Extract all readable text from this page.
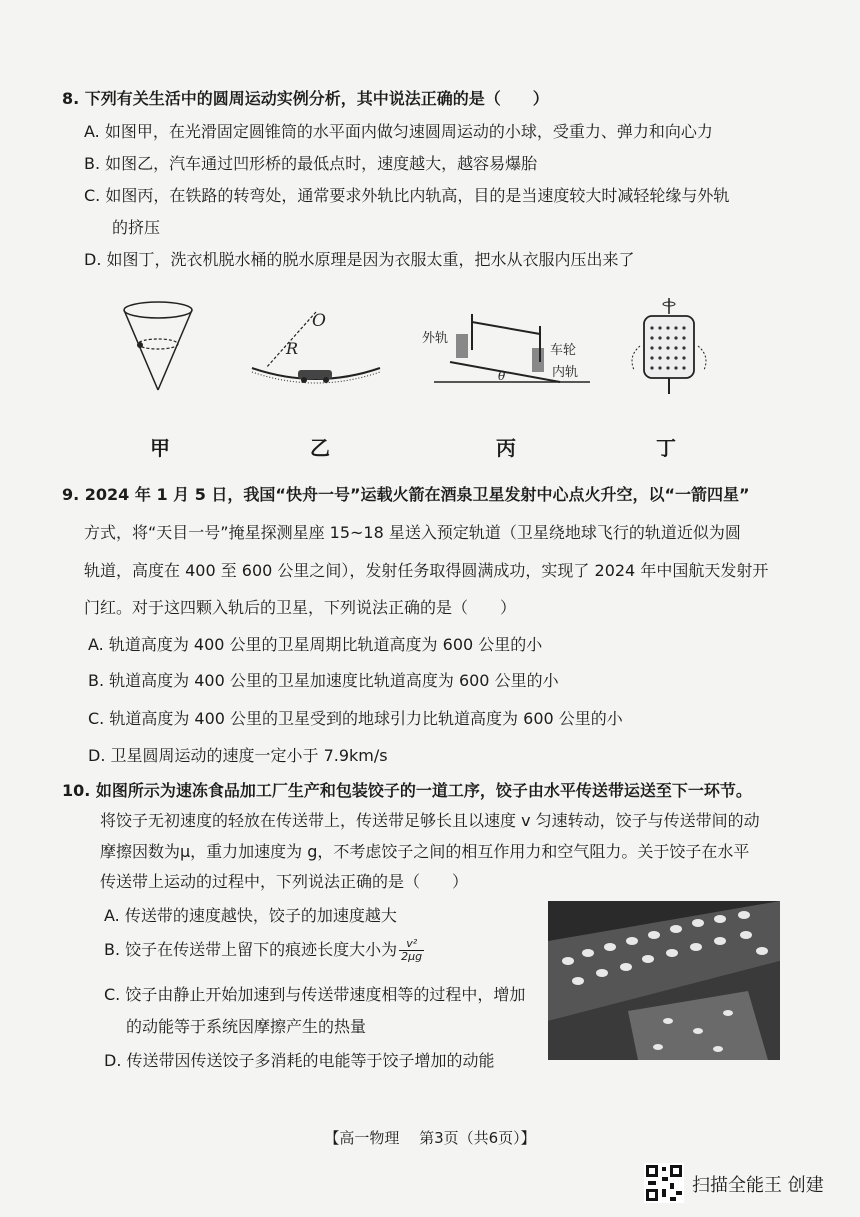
8. 下列有关生活中的圆周运动实例分析，其中说法正确的是（　　）
A. 如图甲，在光滑固定圆锥筒的水平面内做匀速圆周运动的小球，受重力、弹力和向心力
B. 如图乙，汽车通过凹形桥的最低点时，速度越大，越容易爆胎
C. 如图丙，在铁路的转弯处，通常要求外轨比内轨高，目的是当速度较大时减轻轮缘与外轨
的挤压
D. 如图丁，洗衣机脱水桶的脱水原理是因为衣服太重，把水从衣服内压出来了
O
R
外轨
车轮
内轨
θ
甲	乙	丙	丁
9. 2024 年 1 月 5 日，我国“快舟一号”运载火箭在酒泉卫星发射中心点火升空，以“一箭四星”
方式，将“天目一号”掩星探测星座 15~18 星送入预定轨道（卫星绕地球飞行的轨道近似为圆
轨道，高度在 400 至 600 公里之间），发射任务取得圆满成功，实现了 2024 年中国航天发射开
门红。对于这四颗入轨后的卫星，下列说法正确的是（　　）
A. 轨道高度为 400 公里的卫星周期比轨道高度为 600 公里的小
B. 轨道高度为 400 公里的卫星加速度比轨道高度为 600 公里的小
C. 轨道高度为 400 公里的卫星受到的地球引力比轨道高度为 600 公里的小
D. 卫星圆周运动的速度一定小于 7.9km/s
10. 如图所示为速冻食品加工厂生产和包装饺子的一道工序，饺子由水平传送带运送至下一环节。
将饺子无初速度的轻放在传送带上，传送带足够长且以速度 v 匀速转动，饺子与传送带间的动
摩擦因数为μ，重力加速度为 g，不考虑饺子之间的相互作用力和空气阻力。关于饺子在水平
传送带上运动的过程中，下列说法正确的是（　　）
A. 传送带的速度越快，饺子的加速度越大
B. 饺子在传送带上留下的痕迹长度大小为 $\frac{\text{v²}}{2\mu g}$
C. 饺子由静止开始加速到与传送带速度相等的过程中，增加
的动能等于系统因摩擦产生的热量
D. 传送带因传送饺子多消耗的电能等于饺子增加的动能
【高一物理　 第3页（共6页）】
扫描全能王 创建
